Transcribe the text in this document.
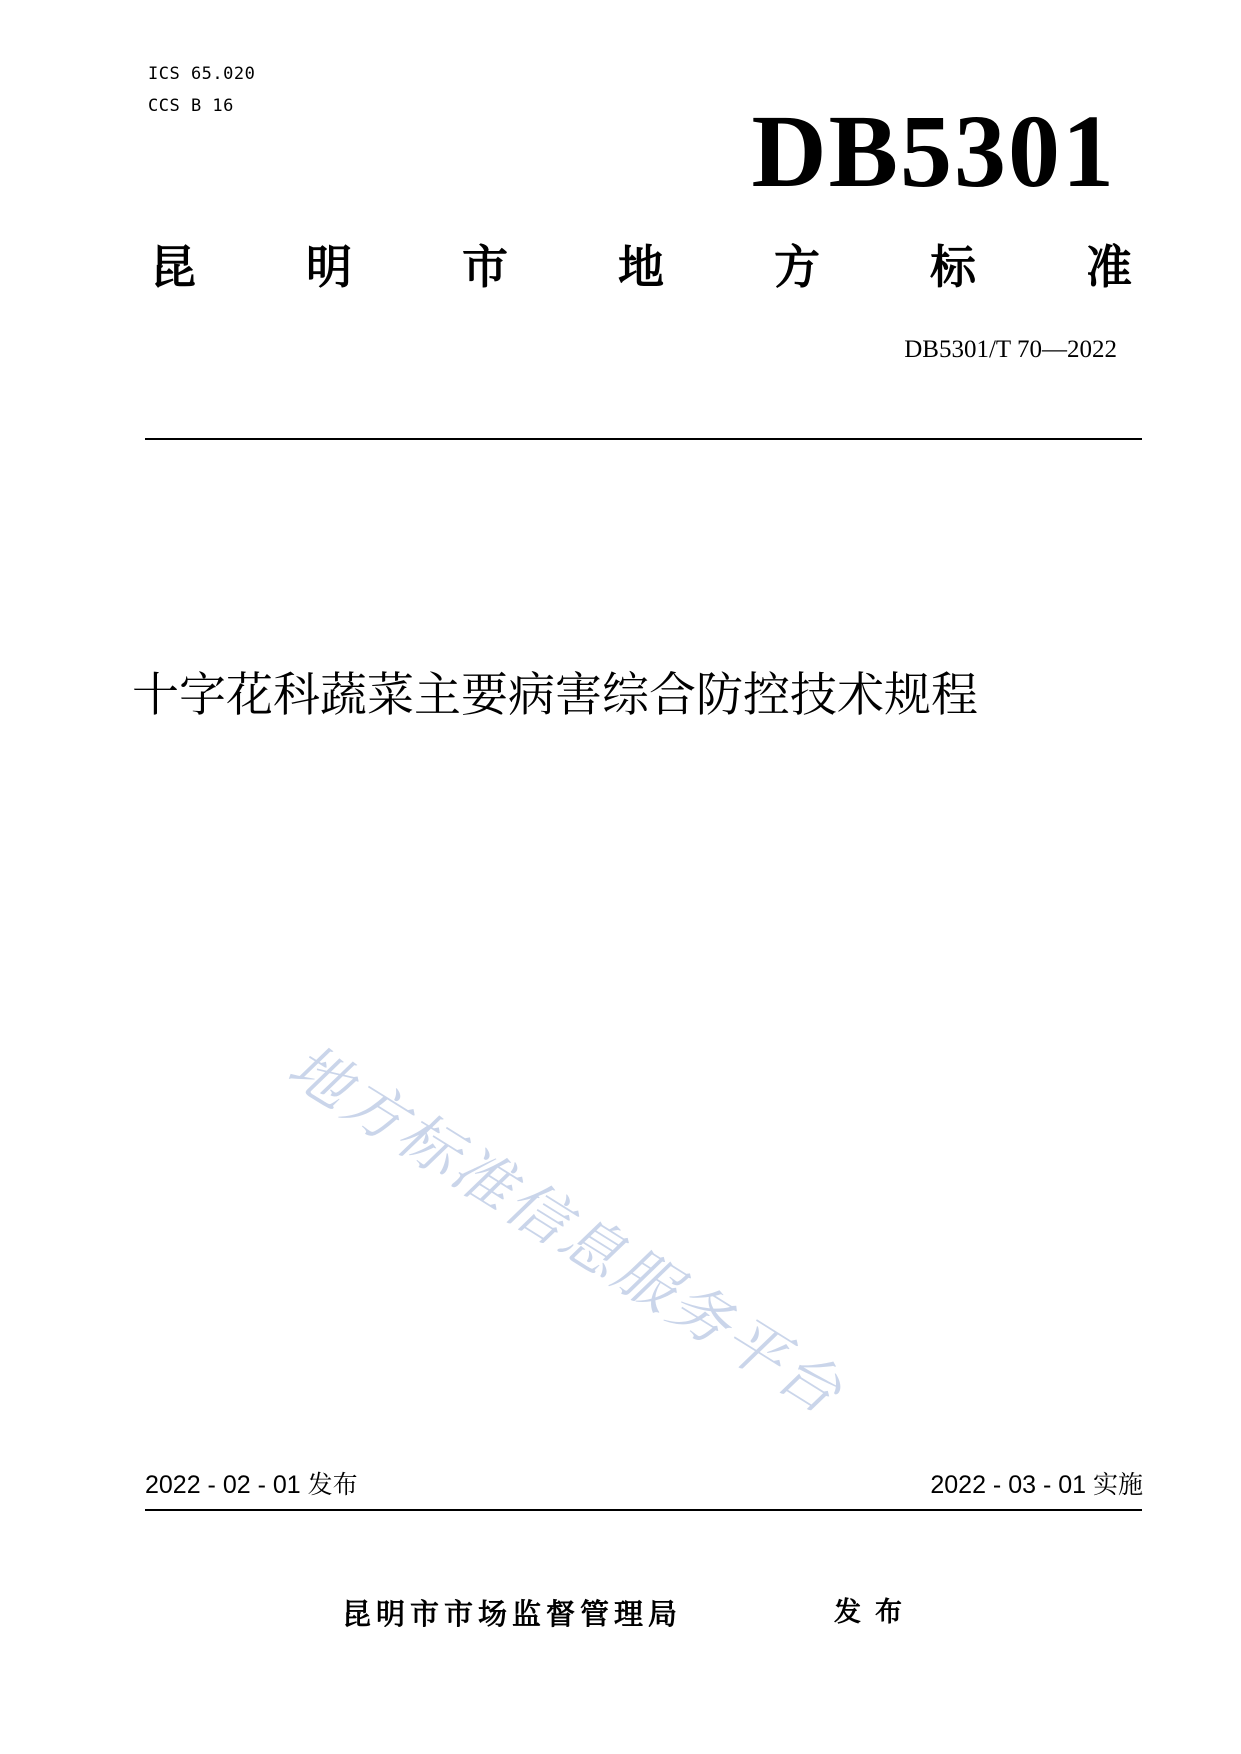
ICS 65.020
CCS B 16	DB5301
昆 明 市 地 方 标 准
DB5301/T 70—2022
十字花科蔬菜主要病害综合防控技术规程
地方标准信息服务平台
2022 - 02 - 01 发布	2022 - 03 - 01 实施
昆明市市场监督管理局	发布
